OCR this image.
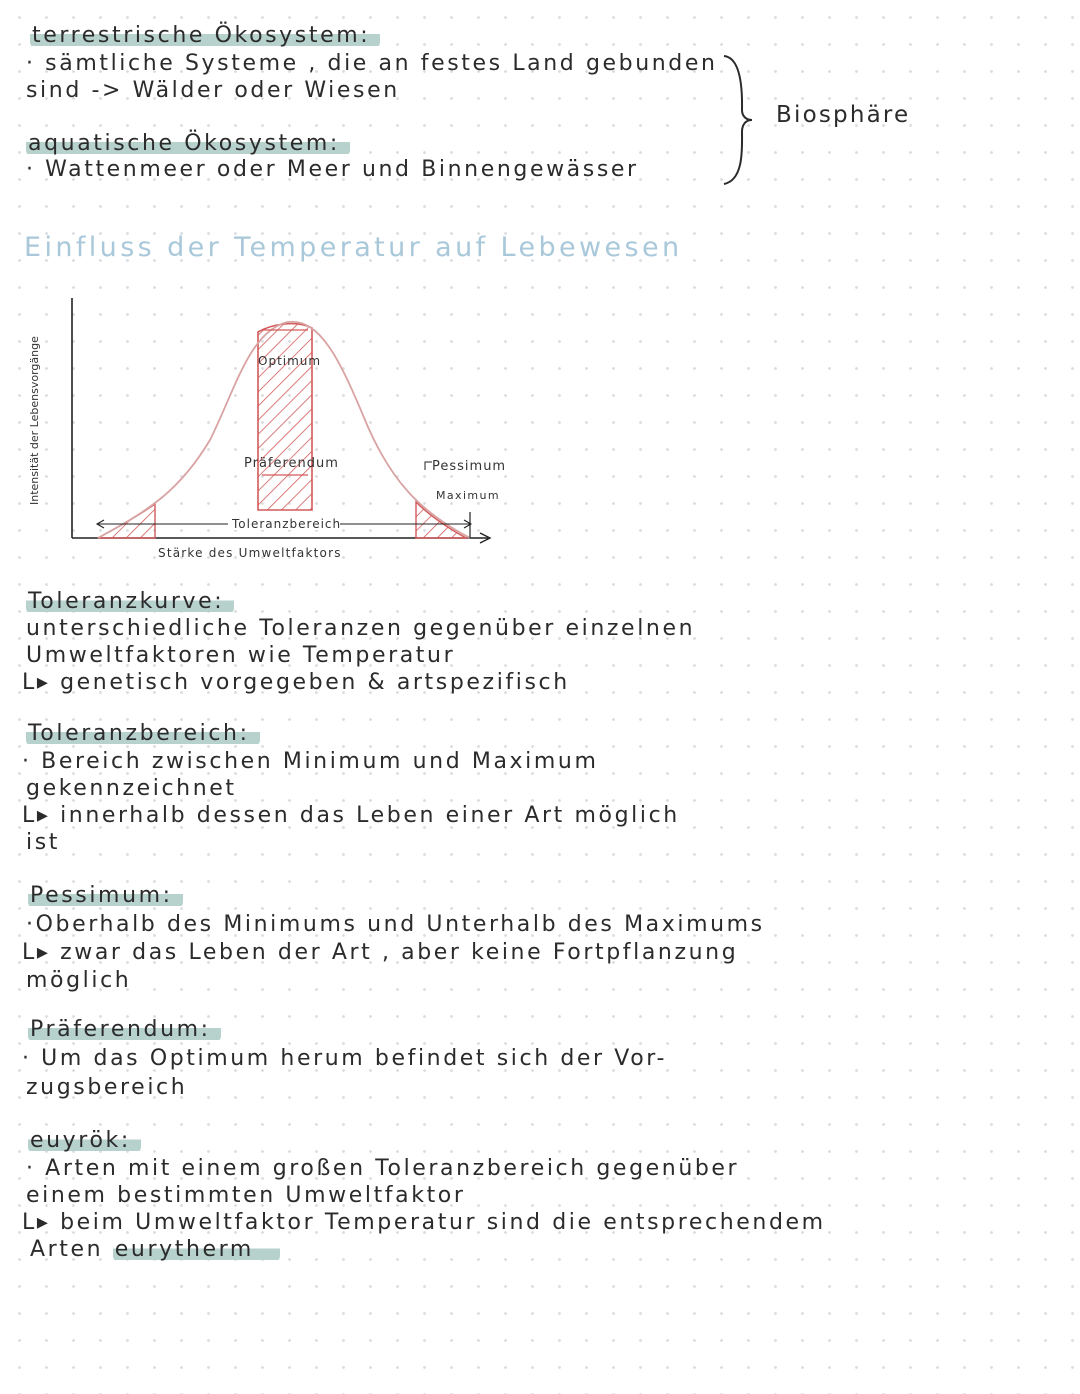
terrestrische Ökosystem:
· sämtliche Systeme , die an festes Land gebunden
sind -> Wälder oder Wiesen
aquatische Ökosystem:
· Wattenmeer oder Meer und Binnengewässer
Biosphäre
Einfluss der Temperatur auf Lebewesen
Intensität der Lebensvorgänge
Toleranzbereich
Optimum
Präferendum	Pessimum
Maximum
Stärke des Umweltfaktors
Toleranzkurve:
unterschiedliche Toleranzen gegenüber einzelnen
Umweltfaktoren wie Temperatur
L▸ genetisch vorgegeben & artspezifisch
Toleranzbereich:
· Bereich zwischen Minimum und Maximum
gekennzeichnet
L▸ innerhalb dessen das Leben einer Art möglich
ist
Pessimum:
·Oberhalb des Minimums und Unterhalb des Maximums
L▸ zwar das Leben der Art , aber keine Fortpflanzung
möglich
Präferendum:
· Um das Optimum herum befindet sich der Vor-
zugsbereich
euyrök:
· Arten mit einem großen Toleranzbereich gegenüber
einem bestimmten Umweltfaktor
L▸ beim Umweltfaktor Temperatur sind die entsprechendem
Arten eurytherm
